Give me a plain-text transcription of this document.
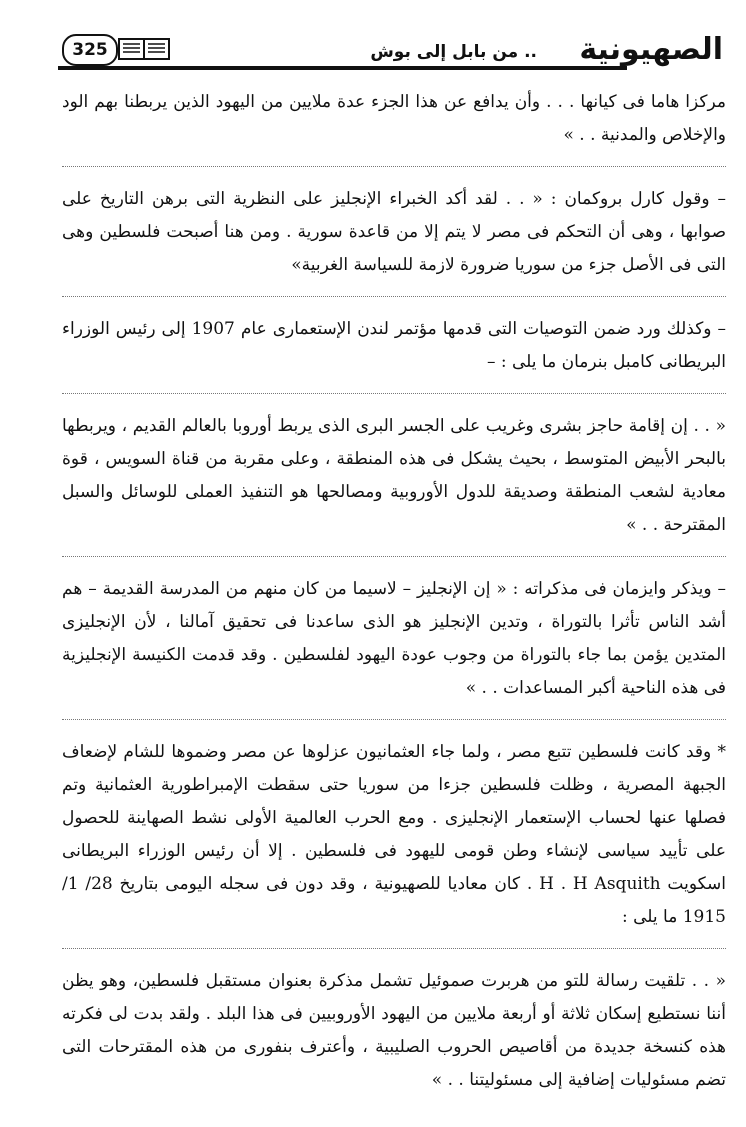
الصهيونية
.. من بابل إلى بوش
325

مركزا هاما فى كيانها . . . وأن يدافع عن هذا الجزء عدة ملايين من اليهود الذين يربطنا بهم الود والإخلاص والمدنية . . »

– وقول كارل بروكمان : « . . لقد أكد الخبراء الإنجليز على النظرية التى برهن التاريخ على صوابها ، وهى أن التحكم فى مصر لا يتم إلا من قاعدة سورية . ومن هنا أصبحت فلسطين وهى التى فى الأصل جزء من سوريا ضرورة لازمة للسياسة الغربية»

– وكذلك ورد ضمن التوصيات التى قدمها مؤتمر لندن الإستعمارى عام 1907 إلى رئيس الوزراء البريطانى كامبل بنرمان ما يلى : –

« . . إن إقامة حاجز بشرى وغريب على الجسر البرى الذى يربط أوروبا بالعالم القديم ، ويربطها بالبحر الأبيض المتوسط ، بحيث يشكل فى هذه المنطقة ، وعلى مقربة من قناة السويس ، قوة معادية لشعب المنطقة وصديقة للدول الأوروبية ومصالحها هو التنفيذ العملى للوسائل والسبل المقترحة . . »

– ويذكر وايزمان فى مذكراته : « إن الإنجليز – لاسيما من كان منهم من المدرسة القديمة – هم أشد الناس تأثرا بالتوراة ، وتدين الإنجليز هو الذى ساعدنا فى تحقيق آمالنا ، لأن الإنجليزى المتدين يؤمن بما جاء بالتوراة من وجوب عودة اليهود لفلسطين . وقد قدمت الكنيسة الإنجليزية فى هذه الناحية أكبر المساعدات . . »

* وقد كانت فلسطين تتبع مصر ، ولما جاء العثمانيون عزلوها عن مصر وضموها للشام لإضعاف الجبهة المصرية ، وظلت فلسطين جزءا من سوريا حتى سقطت الإمبراطورية العثمانية وتم فصلها عنها لحساب الإستعمار الإنجليزى . ومع الحرب العالمية الأولى نشط الصهاينة للحصول على تأييد سياسى لإنشاء وطن قومى لليهود فى فلسطين . إلا أن رئيس الوزراء البريطانى اسكويت H . H Asquith . كان معاديا للصهيونية ، وقد دون فى سجله اليومى بتاريخ 28/ 1/ 1915 ما يلى :

« . . تلقيت رسالة للتو من هربرت صموئيل تشمل مذكرة بعنوان مستقبل فلسطين، وهو يظن أننا نستطيع إسكان ثلاثة أو أربعة ملايين من اليهود الأوروبيين فى هذا البلد . ولقد بدت لى فكرته هذه كنسخة جديدة من أقاصيص الحروب الصليبية ، وأعترف بنفورى من هذه المقترحات التى تضم مسئوليات إضافية إلى مسئوليتنا . . »
